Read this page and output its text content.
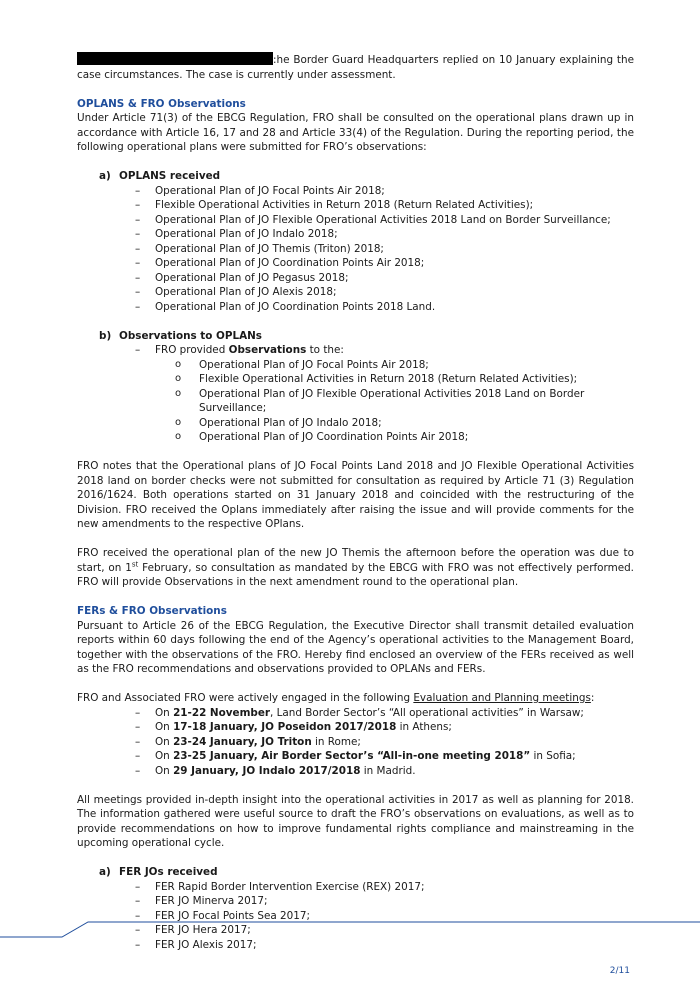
:he Border Guard Headquarters replied on 10 January explaining the case circumstances. The case is currently under assessment.

OPLANS & FRO Observations

Under Article 71(3) of the EBCG Regulation, FRO shall be consulted on the operational plans drawn up in accordance with Article 16, 17 and 28 and Article 33(4) of the Regulation. During the reporting period, the following operational plans were submitted for FRO’s observations:

a) OPLANS received
– Operational Plan of JO Focal Points Air 2018;
– Flexible Operational Activities in Return 2018 (Return Related Activities);
– Operational Plan of JO Flexible Operational Activities 2018 Land on Border Surveillance;
– Operational Plan of JO Indalo 2018;
– Operational Plan of JO Themis (Triton) 2018;
– Operational Plan of JO Coordination Points Air 2018;
– Operational Plan of JO Pegasus 2018;
– Operational Plan of JO Alexis 2018;
– Operational Plan of JO Coordination Points 2018 Land.
b) Observations to OPLANs
– FRO provided Observations to the:
o Operational Plan of JO Focal Points Air 2018;
o Flexible Operational Activities in Return 2018 (Return Related Activities);
o Operational Plan of JO Flexible Operational Activities 2018 Land on Border Surveillance;
o Operational Plan of JO Indalo 2018;
o Operational Plan of JO Coordination Points Air 2018;

FRO notes that the Operational plans of JO Focal Points Land 2018 and JO Flexible Operational Activities 2018 land on border checks were not submitted for consultation as required by Article 71 (3) Regulation 2016/1624. Both operations started on 31 January 2018 and coincided with the restructuring of the Division. FRO received the Oplans immediately after raising the issue and will provide comments for the new amendments to the respective OPlans.

FRO received the operational plan of the new JO Themis the afternoon before the operation was due to start, on 1st February, so consultation as mandated by the EBCG with FRO was not effectively performed. FRO will provide Observations in the next amendment round to the operational plan.

FERs & FRO Observations

Pursuant to Article 26 of the EBCG Regulation, the Executive Director shall transmit detailed evaluation reports within 60 days following the end of the Agency’s operational activities to the Management Board, together with the observations of the FRO. Hereby find enclosed an overview of the FERs received as well as the FRO recommendations and observations provided to OPLANs and FERs.

FRO and Associated FRO were actively engaged in the following Evaluation and Planning meetings:

– On 21-22 November, Land Border Sector’s “All operational activities” in Warsaw;
– On 17-18 January, JO Poseidon 2017/2018 in Athens;
– On 23-24 January, JO Triton in Rome;
– On 23-25 January, Air Border Sector’s “All-in-one meeting 2018” in Sofia;
– On 29 January, JO Indalo 2017/2018 in Madrid.

All meetings provided in-depth insight into the operational activities in 2017 as well as planning for 2018. The information gathered were useful source to draft the FRO’s observations on evaluations, as well as to provide recommendations on how to improve fundamental rights compliance and mainstreaming in the upcoming operational cycle.

a) FER JOs received
– FER Rapid Border Intervention Exercise (REX) 2017;
– FER JO Minerva 2017;
– FER JO Focal Points Sea 2017;
– FER JO Hera 2017;
– FER JO Alexis 2017;
2/11
